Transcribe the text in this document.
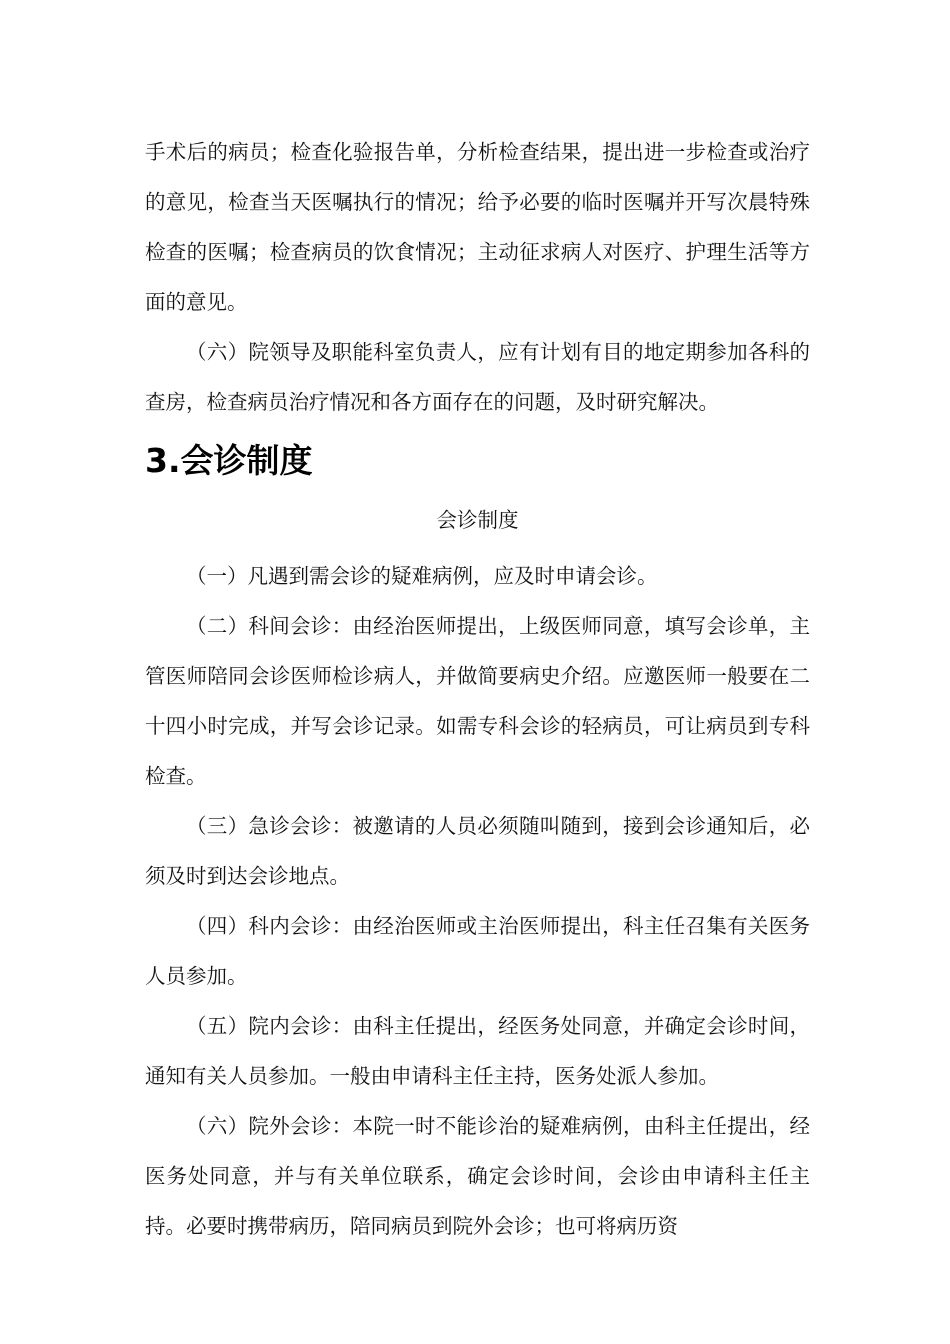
手术后的病员；检查化验报告单，分析检查结果，提出进一步检查或治疗的意见，检查当天医嘱执行的情况；给予必要的临时医嘱并开写次晨特殊检查的医嘱；检查病员的饮食情况；主动征求病人对医疗、护理生活等方面的意见。

（六）院领导及职能科室负责人，应有计划有目的地定期参加各科的查房，检查病员治疗情况和各方面存在的问题，及时研究解决。

3.会诊制度

会诊制度

（一）凡遇到需会诊的疑难病例，应及时申请会诊。

（二）科间会诊：由经治医师提出，上级医师同意，填写会诊单，主管医师陪同会诊医师检诊病人，并做简要病史介绍。应邀医师一般要在二十四小时完成，并写会诊记录。如需专科会诊的轻病员，可让病员到专科检查。

（三）急诊会诊：被邀请的人员必须随叫随到，接到会诊通知后，必须及时到达会诊地点。

（四）科内会诊：由经治医师或主治医师提出，科主任召集有关医务人员参加。

（五）院内会诊：由科主任提出，经医务处同意，并确定会诊时间，通知有关人员参加。一般由申请科主任主持，医务处派人参加。

（六）院外会诊：本院一时不能诊治的疑难病例，由科主任提出，经医务处同意，并与有关单位联系，确定会诊时间，会诊由申请科主任主持。必要时携带病历，陪同病员到院外会诊；也可将病历资
